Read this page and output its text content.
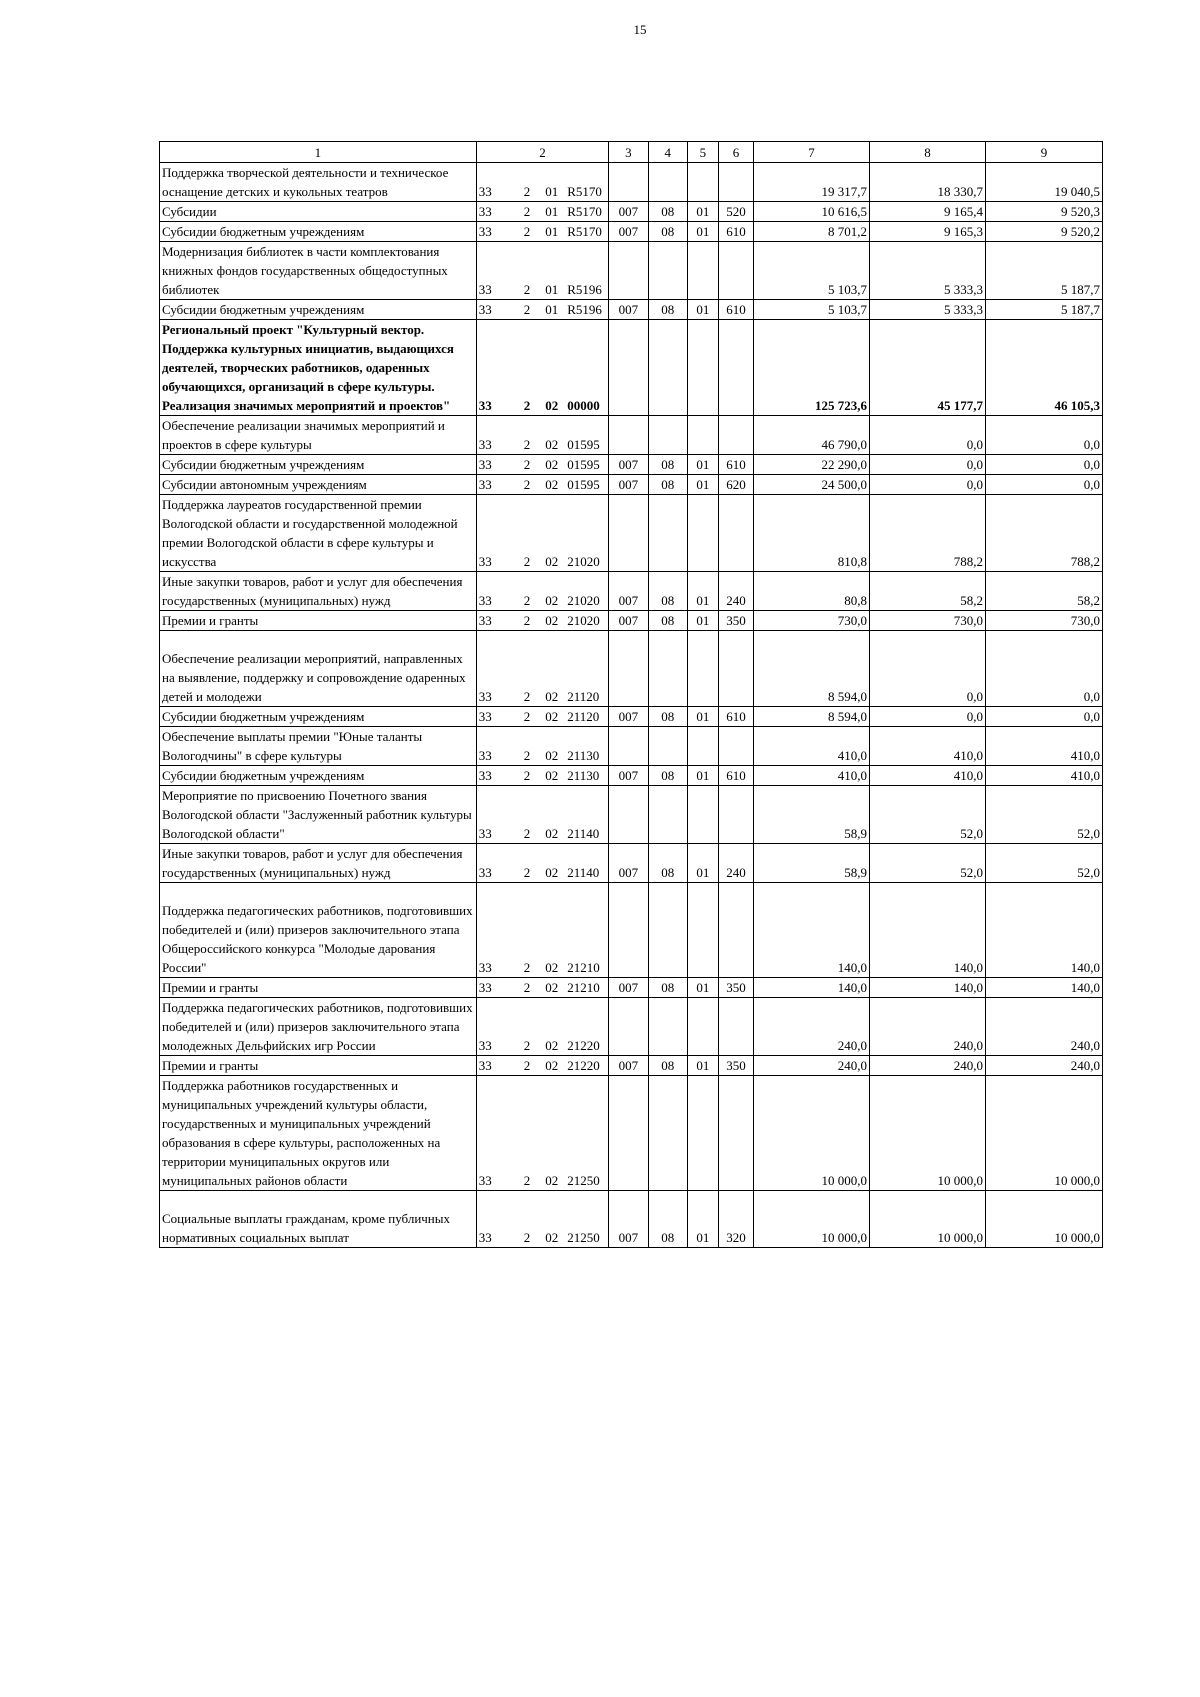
15
1	2				3	4	5	6	7	8	9
Поддержка творческой деятельности и техническое оснащение детских и кукольных театров	33	2	01	R5170					19 317,7	18 330,7	19 040,5
Субсидии	33	2	01	R5170	007	08	01	520	10 616,5	9 165,4	9 520,3
Субсидии бюджетным учреждениям	33	2	01	R5170	007	08	01	610	8 701,2	9 165,3	9 520,2
Модернизация библиотек в части комплектования книжных фондов государственных общедоступных библиотек	33	2	01	R5196					5 103,7	5 333,3	5 187,7
Субсидии бюджетным учреждениям	33	2	01	R5196	007	08	01	610	5 103,7	5 333,3	5 187,7
Региональный проект "Культурный вектор. Поддержка культурных инициатив, выдающихся деятелей, творческих работников, одаренных обучающихся, организаций в сфере культуры. Реализация значимых мероприятий и проектов"	33	2	02	00000					125 723,6	45 177,7	46 105,3
Обеспечение реализации значимых мероприятий и проектов в сфере культуры	33	2	02	01595					46 790,0	0,0	0,0
Субсидии бюджетным учреждениям	33	2	02	01595	007	08	01	610	22 290,0	0,0	0,0
Субсидии автономным учреждениям	33	2	02	01595	007	08	01	620	24 500,0	0,0	0,0
Поддержка лауреатов государственной премии Вологодской области и государственной молодежной премии Вологодской области в сфере культуры и искусства	33	2	02	21020					810,8	788,2	788,2
Иные закупки товаров, работ и услуг для обеспечения государственных (муниципальных) нужд	33	2	02	21020	007	08	01	240	80,8	58,2	58,2
Премии и гранты	33	2	02	21020	007	08	01	350	730,0	730,0	730,0
Обеспечение реализации мероприятий, направленных на выявление, поддержку и сопровождение одаренных детей и молодежи	33	2	02	21120					8 594,0	0,0	0,0
Субсидии бюджетным учреждениям	33	2	02	21120	007	08	01	610	8 594,0	0,0	0,0
Обеспечение выплаты премии "Юные таланты Вологодчины" в сфере культуры	33	2	02	21130					410,0	410,0	410,0
Субсидии бюджетным учреждениям	33	2	02	21130	007	08	01	610	410,0	410,0	410,0
Мероприятие по присвоению Почетного звания Вологодской области "Заслуженный работник культуры Вологодской области"	33	2	02	21140					58,9	52,0	52,0
Иные закупки товаров, работ и услуг для обеспечения государственных (муниципальных) нужд	33	2	02	21140	007	08	01	240	58,9	52,0	52,0
Поддержка педагогических работников, подготовивших победителей и (или) призеров заключительного этапа Общероссийского конкурса "Молодые дарования России"	33	2	02	21210					140,0	140,0	140,0
Премии и гранты	33	2	02	21210	007	08	01	350	140,0	140,0	140,0
Поддержка педагогических работников, подготовивших победителей и (или) призеров заключительного этапа молодежных Дельфийских игр России	33	2	02	21220					240,0	240,0	240,0
Премии и гранты	33	2	02	21220	007	08	01	350	240,0	240,0	240,0
Поддержка работников государственных и муниципальных учреждений культуры области, государственных и муниципальных учреждений образования в сфере культуры, расположенных на территории муниципальных округов или муниципальных районов области	33	2	02	21250					10 000,0	10 000,0	10 000,0
Социальные выплаты гражданам, кроме публичных нормативных социальных выплат	33	2	02	21250	007	08	01	320	10 000,0	10 000,0	10 000,0
